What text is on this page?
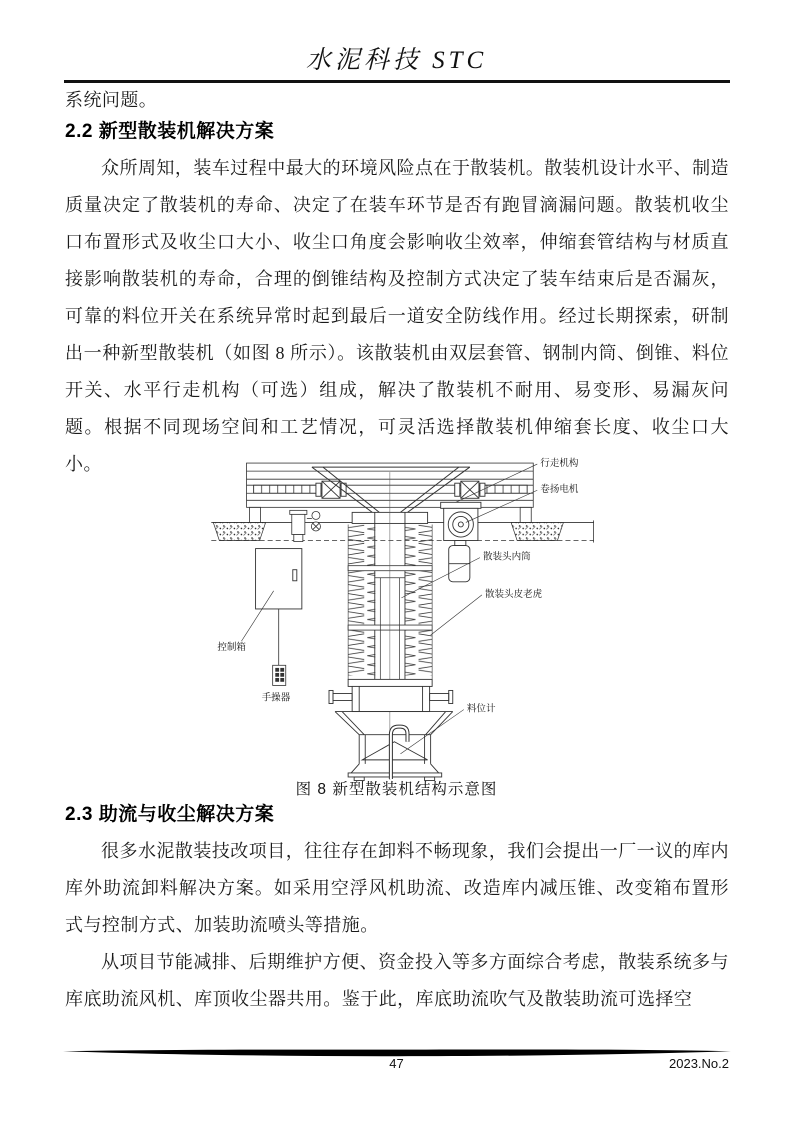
水泥科技 STC
系统问题。
2.2 新型散装机解决方案
众所周知，装车过程中最大的环境风险点在于散装机。散装机设计水平、制造质量决定了散装机的寿命、决定了在装车环节是否有跑冒滴漏问题。散装机收尘口布置形式及收尘口大小、收尘口角度会影响收尘效率，伸缩套管结构与材质直接影响散装机的寿命，合理的倒锥结构及控制方式决定了装车结束后是否漏灰，可靠的料位开关在系统异常时起到最后一道安全防线作用。经过长期探索，研制出一种新型散装机（如图 8 所示）。该散装机由双层套管、钢制内筒、倒锥、料位开关、水平行走机构（可选）组成，解决了散装机不耐用、易变形、易漏灰问题。根据不同现场空间和工艺情况，可灵活选择散装机伸缩套长度、收尘口大小。	行走机构
卷扬电机
散装头内筒
散装头皮老虎
控制箱
手操器
料位计
图 8 新型散装机结构示意图
2.3 助流与收尘解决方案
很多水泥散装技改项目，往往存在卸料不畅现象，我们会提出一厂一议的库内库外助流卸料解决方案。如采用空浮风机助流、改造库内减压锥、改变箱布置形式与控制方式、加装助流喷头等措施。
从项目节能减排、后期维护方便、资金投入等多方面综合考虑，散装系统多与库底助流风机、库顶收尘器共用。鉴于此，库底助流吹气及散装助流可选择空
47	2023.No.2
